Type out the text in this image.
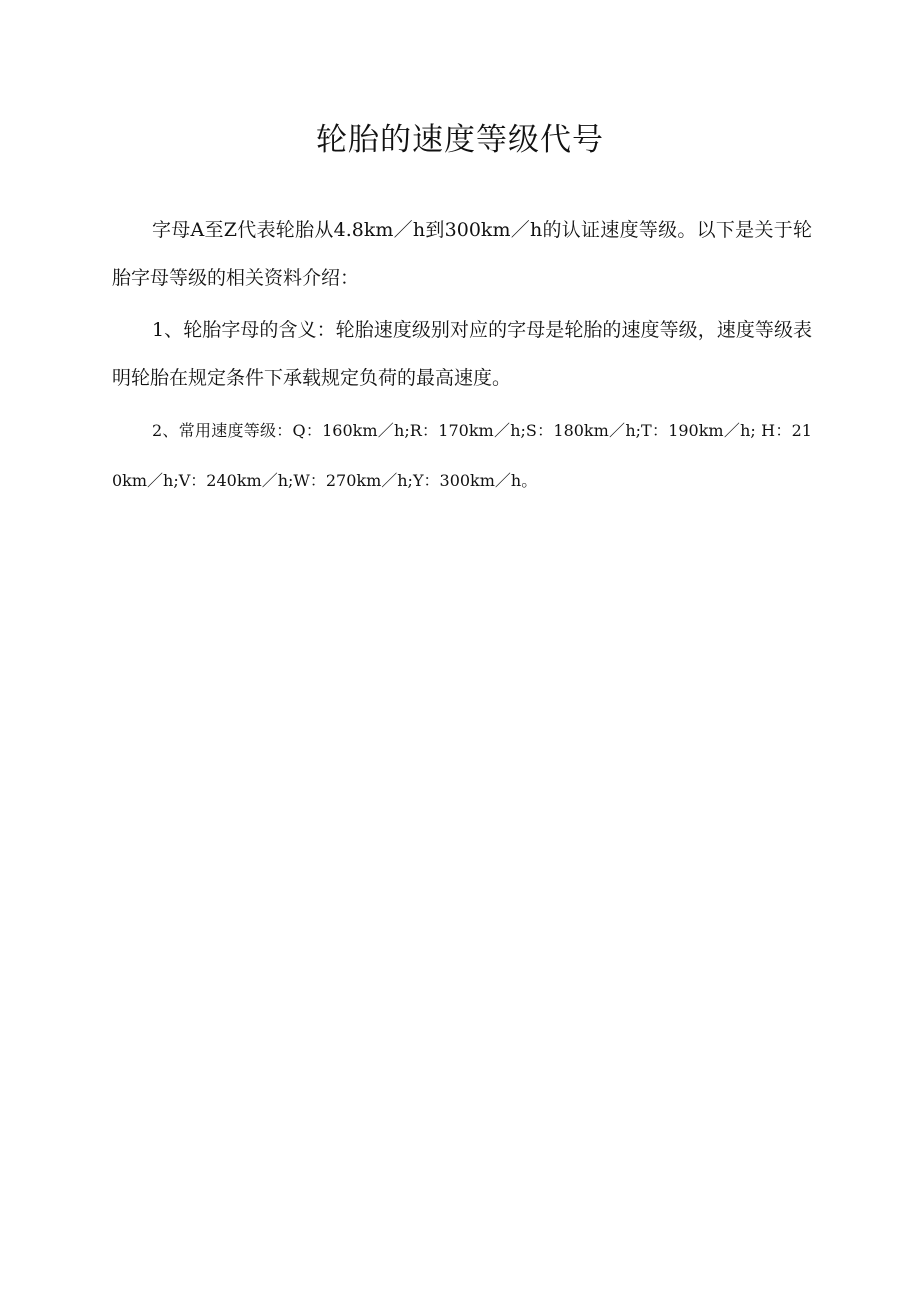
轮胎的速度等级代号

字母A至Z代表轮胎从4.8km／h到300km／h的认证速度等级。以下是关于轮胎字母等级的相关资料介绍：

1、轮胎字母的含义：轮胎速度级别对应的字母是轮胎的速度等级，速度等级表明轮胎在规定条件下承载规定负荷的最高速度。

2、常用速度等级：Q：160km／h;R：170km／h;S：180km／h;T：190km／h; H：210km／h;V：240km／h;W：270km／h;Y：300km／h。
